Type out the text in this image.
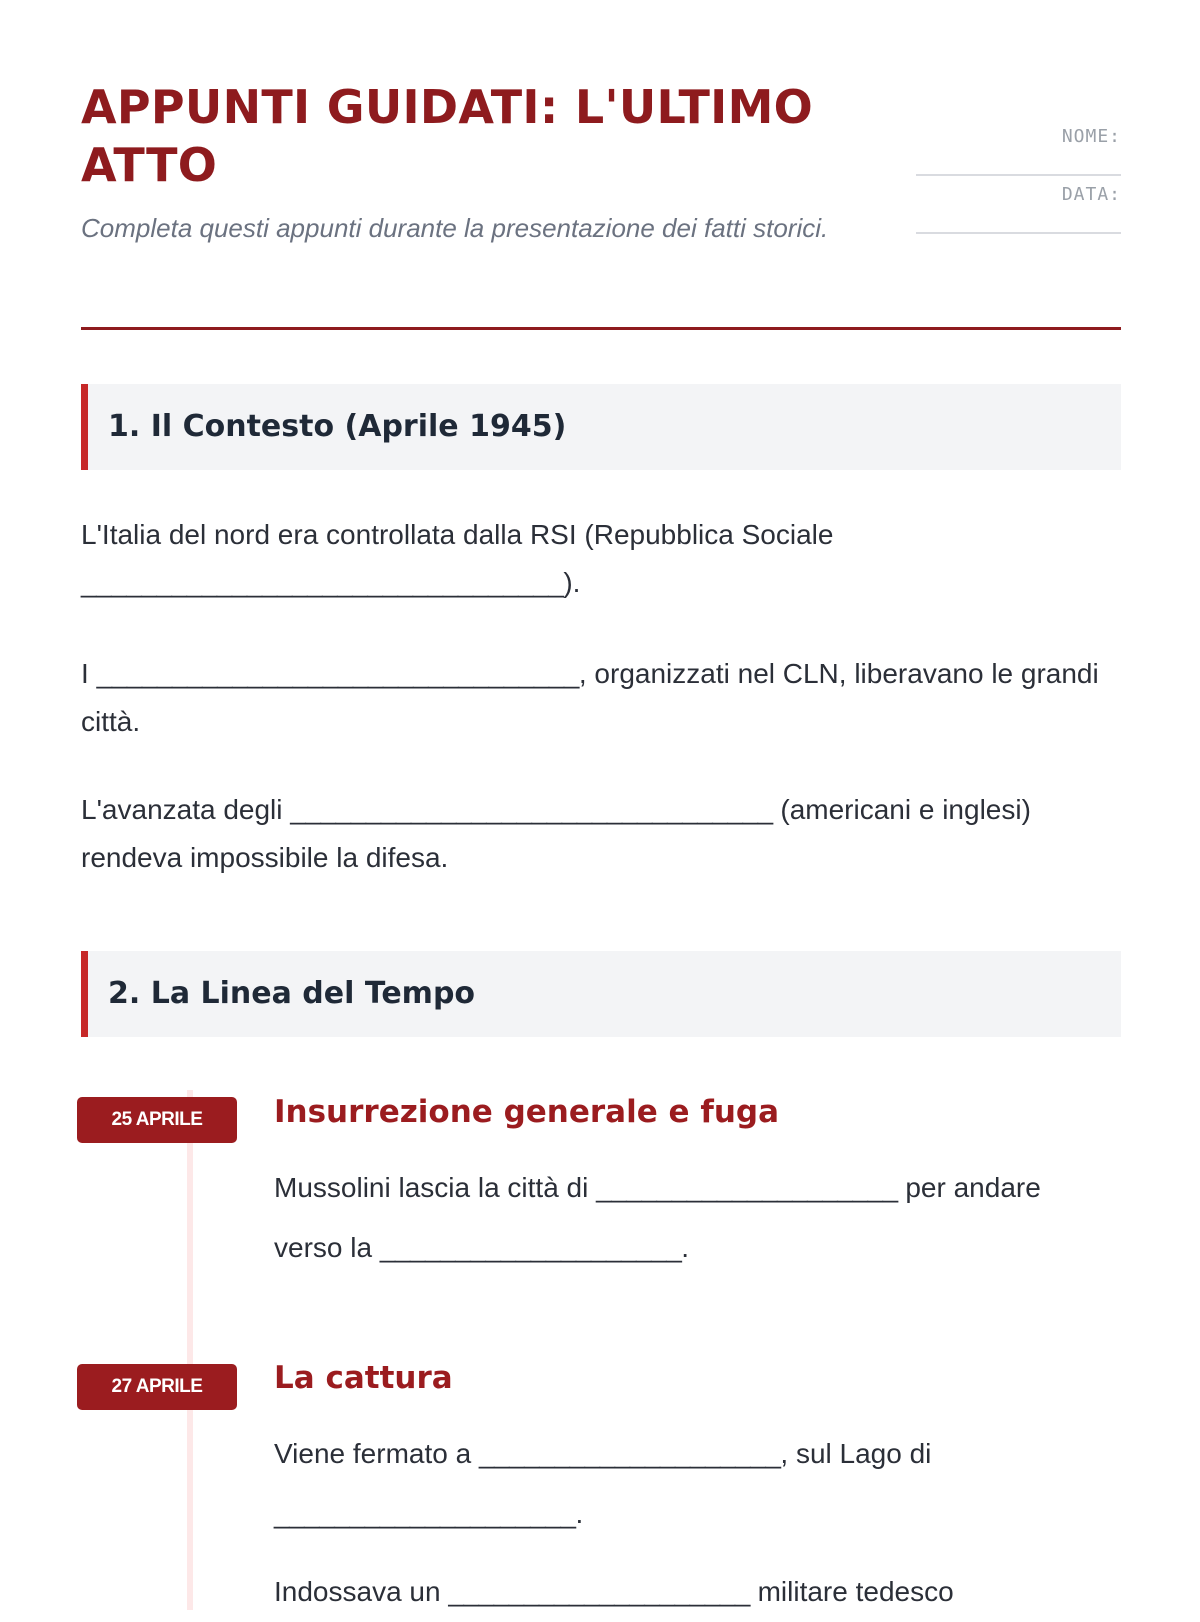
APPUNTI GUIDATI: L'ULTIMO ATTO
Completa questi appunti durante la presentazione dei fatti storici.
NOME:
DATA:
1. Il Contesto (Aprile 1945)
L'Italia del nord era controllata dalla RSI (Repubblica Sociale ________________________________).
I ________________________________, organizzati nel CLN, liberavano le grandi città.
L'avanzata degli ________________________________ (americani e inglesi) rendeva impossibile la difesa.
2. La Linea del Tempo
25 APRILE	Insurrezione generale e fuga
Mussolini lascia la città di ____________________ per andare verso la ____________________.
27 APRILE	La cattura
Viene fermato a ____________________, sul Lago di ____________________.
Indossava un ____________________ militare tedesco
